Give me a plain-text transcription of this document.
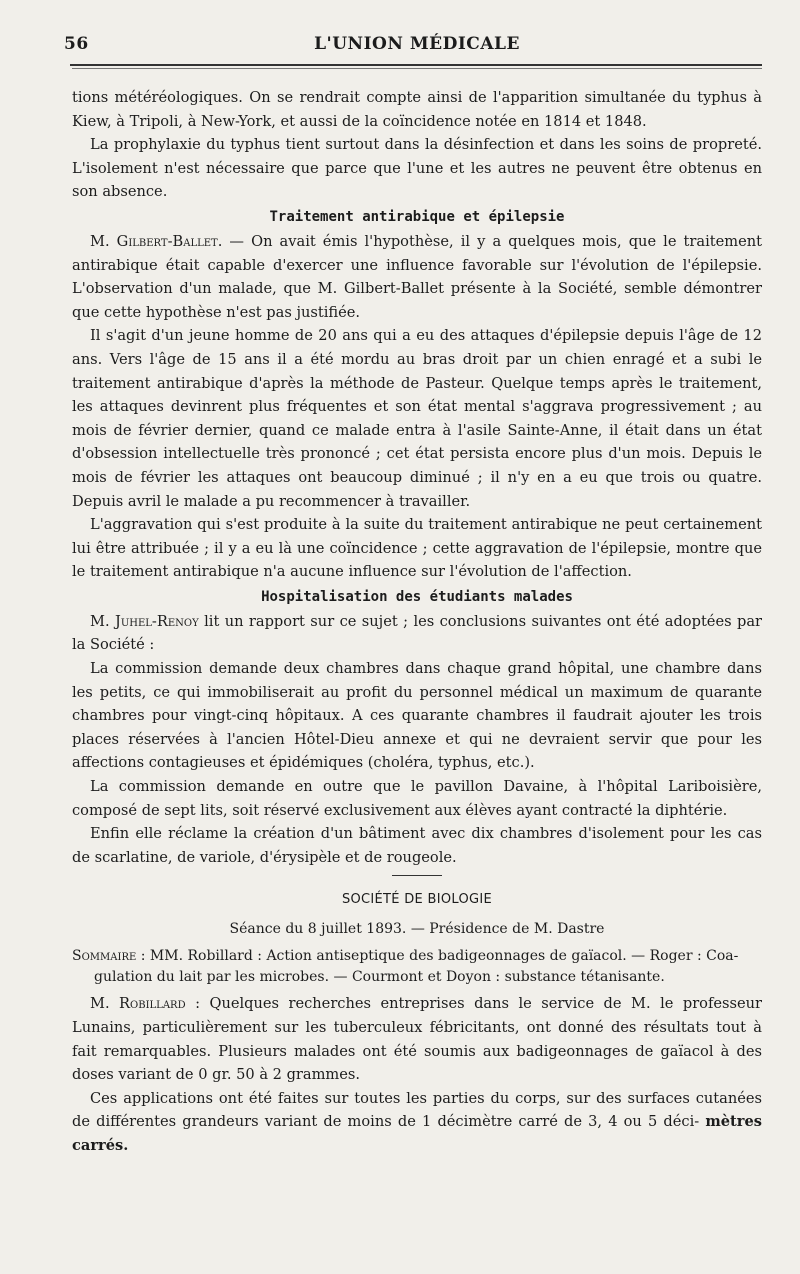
56	L'UNION MÉDICALE

tions météréologiques. On se rendrait compte ainsi de l'apparition simultanée du typhus à Kiew, à Tripoli, à New-York, et aussi de la coïncidence notée en 1814 et 1848.

La prophylaxie du typhus tient surtout dans la désinfection et dans les soins de propreté. L'isolement n'est nécessaire que parce que l'une et les autres ne peuvent être obtenus en son absence.

Traitement antirabique et épilepsie

M. Gilbert-Ballet. — On avait émis l'hypothèse, il y a quelques mois, que le traitement antirabique était capable d'exercer une influence favorable sur l'évolution de l'épilepsie. L'observation d'un malade, que M. Gilbert-Ballet présente à la Société, semble démontrer que cette hypothèse n'est pas justifiée.

Il s'agit d'un jeune homme de 20 ans qui a eu des attaques d'épilepsie depuis l'âge de 12 ans. Vers l'âge de 15 ans il a été mordu au bras droit par un chien enragé et a subi le traitement antirabique d'après la méthode de Pasteur. Quelque temps après le traitement, les attaques devinrent plus fréquentes et son état mental s'aggrava progressivement ; au mois de février dernier, quand ce malade entra à l'asile Sainte-Anne, il était dans un état d'obsession intellectuelle très prononcé ; cet état persista encore plus d'un mois. Depuis le mois de février les attaques ont beaucoup diminué ; il n'y en a eu que trois ou quatre. Depuis avril le malade a pu recommencer à travailler.

L'aggravation qui s'est produite à la suite du traitement antirabique ne peut certainement lui être attribuée ; il y a eu là une coïncidence ; cette aggravation de l'épilepsie, montre que le traitement antirabique n'a aucune influence sur l'évolution de l'affection.

Hospitalisation des étudiants malades

M. Juhel-Renoy lit un rapport sur ce sujet ; les conclusions suivantes ont été adoptées par la Société :

La commission demande deux chambres dans chaque grand hôpital, une chambre dans les petits, ce qui immobiliserait au profit du personnel médical un maximum de quarante chambres pour vingt-cinq hôpitaux. A ces quarante chambres il faudrait ajouter les trois places réservées à l'ancien Hôtel-Dieu annexe et qui ne devraient servir que pour les affections contagieuses et épidémiques (choléra, typhus, etc.).

La commission demande en outre que le pavillon Davaine, à l'hôpital Lariboisière, composé de sept lits, soit réservé exclusivement aux élèves ayant contracté la diphtérie.

Enfin elle réclame la création d'un bâtiment avec dix chambres d'isolement pour les cas de scarlatine, de variole, d'érysipèle et de rougeole.

SOCIÉTÉ DE BIOLOGIE
Séance du 8 juillet 1893. — Présidence de M. Dastre
Sommaire : MM. Robillard : Action antiseptique des badigeonnages de gaïacol. — Roger : Coa-
gulation du lait par les microbes. — Courmont et Doyon : substance tétanisante.

M. Robillard : Quelques recherches entreprises dans le service de M. le professeur Lunains, particulièrement sur les tuberculeux fébricitants, ont donné des résultats tout à fait remarquables. Plusieurs malades ont été soumis aux badigeonnages de gaïacol à des doses variant de 0 gr. 50 à 2 grammes.

Ces applications ont été faites sur toutes les parties du corps, sur des surfaces cutanées de différentes grandeurs variant de moins de 1 décimètre carré de 3, 4 ou 5 déci- mètres carrés.
